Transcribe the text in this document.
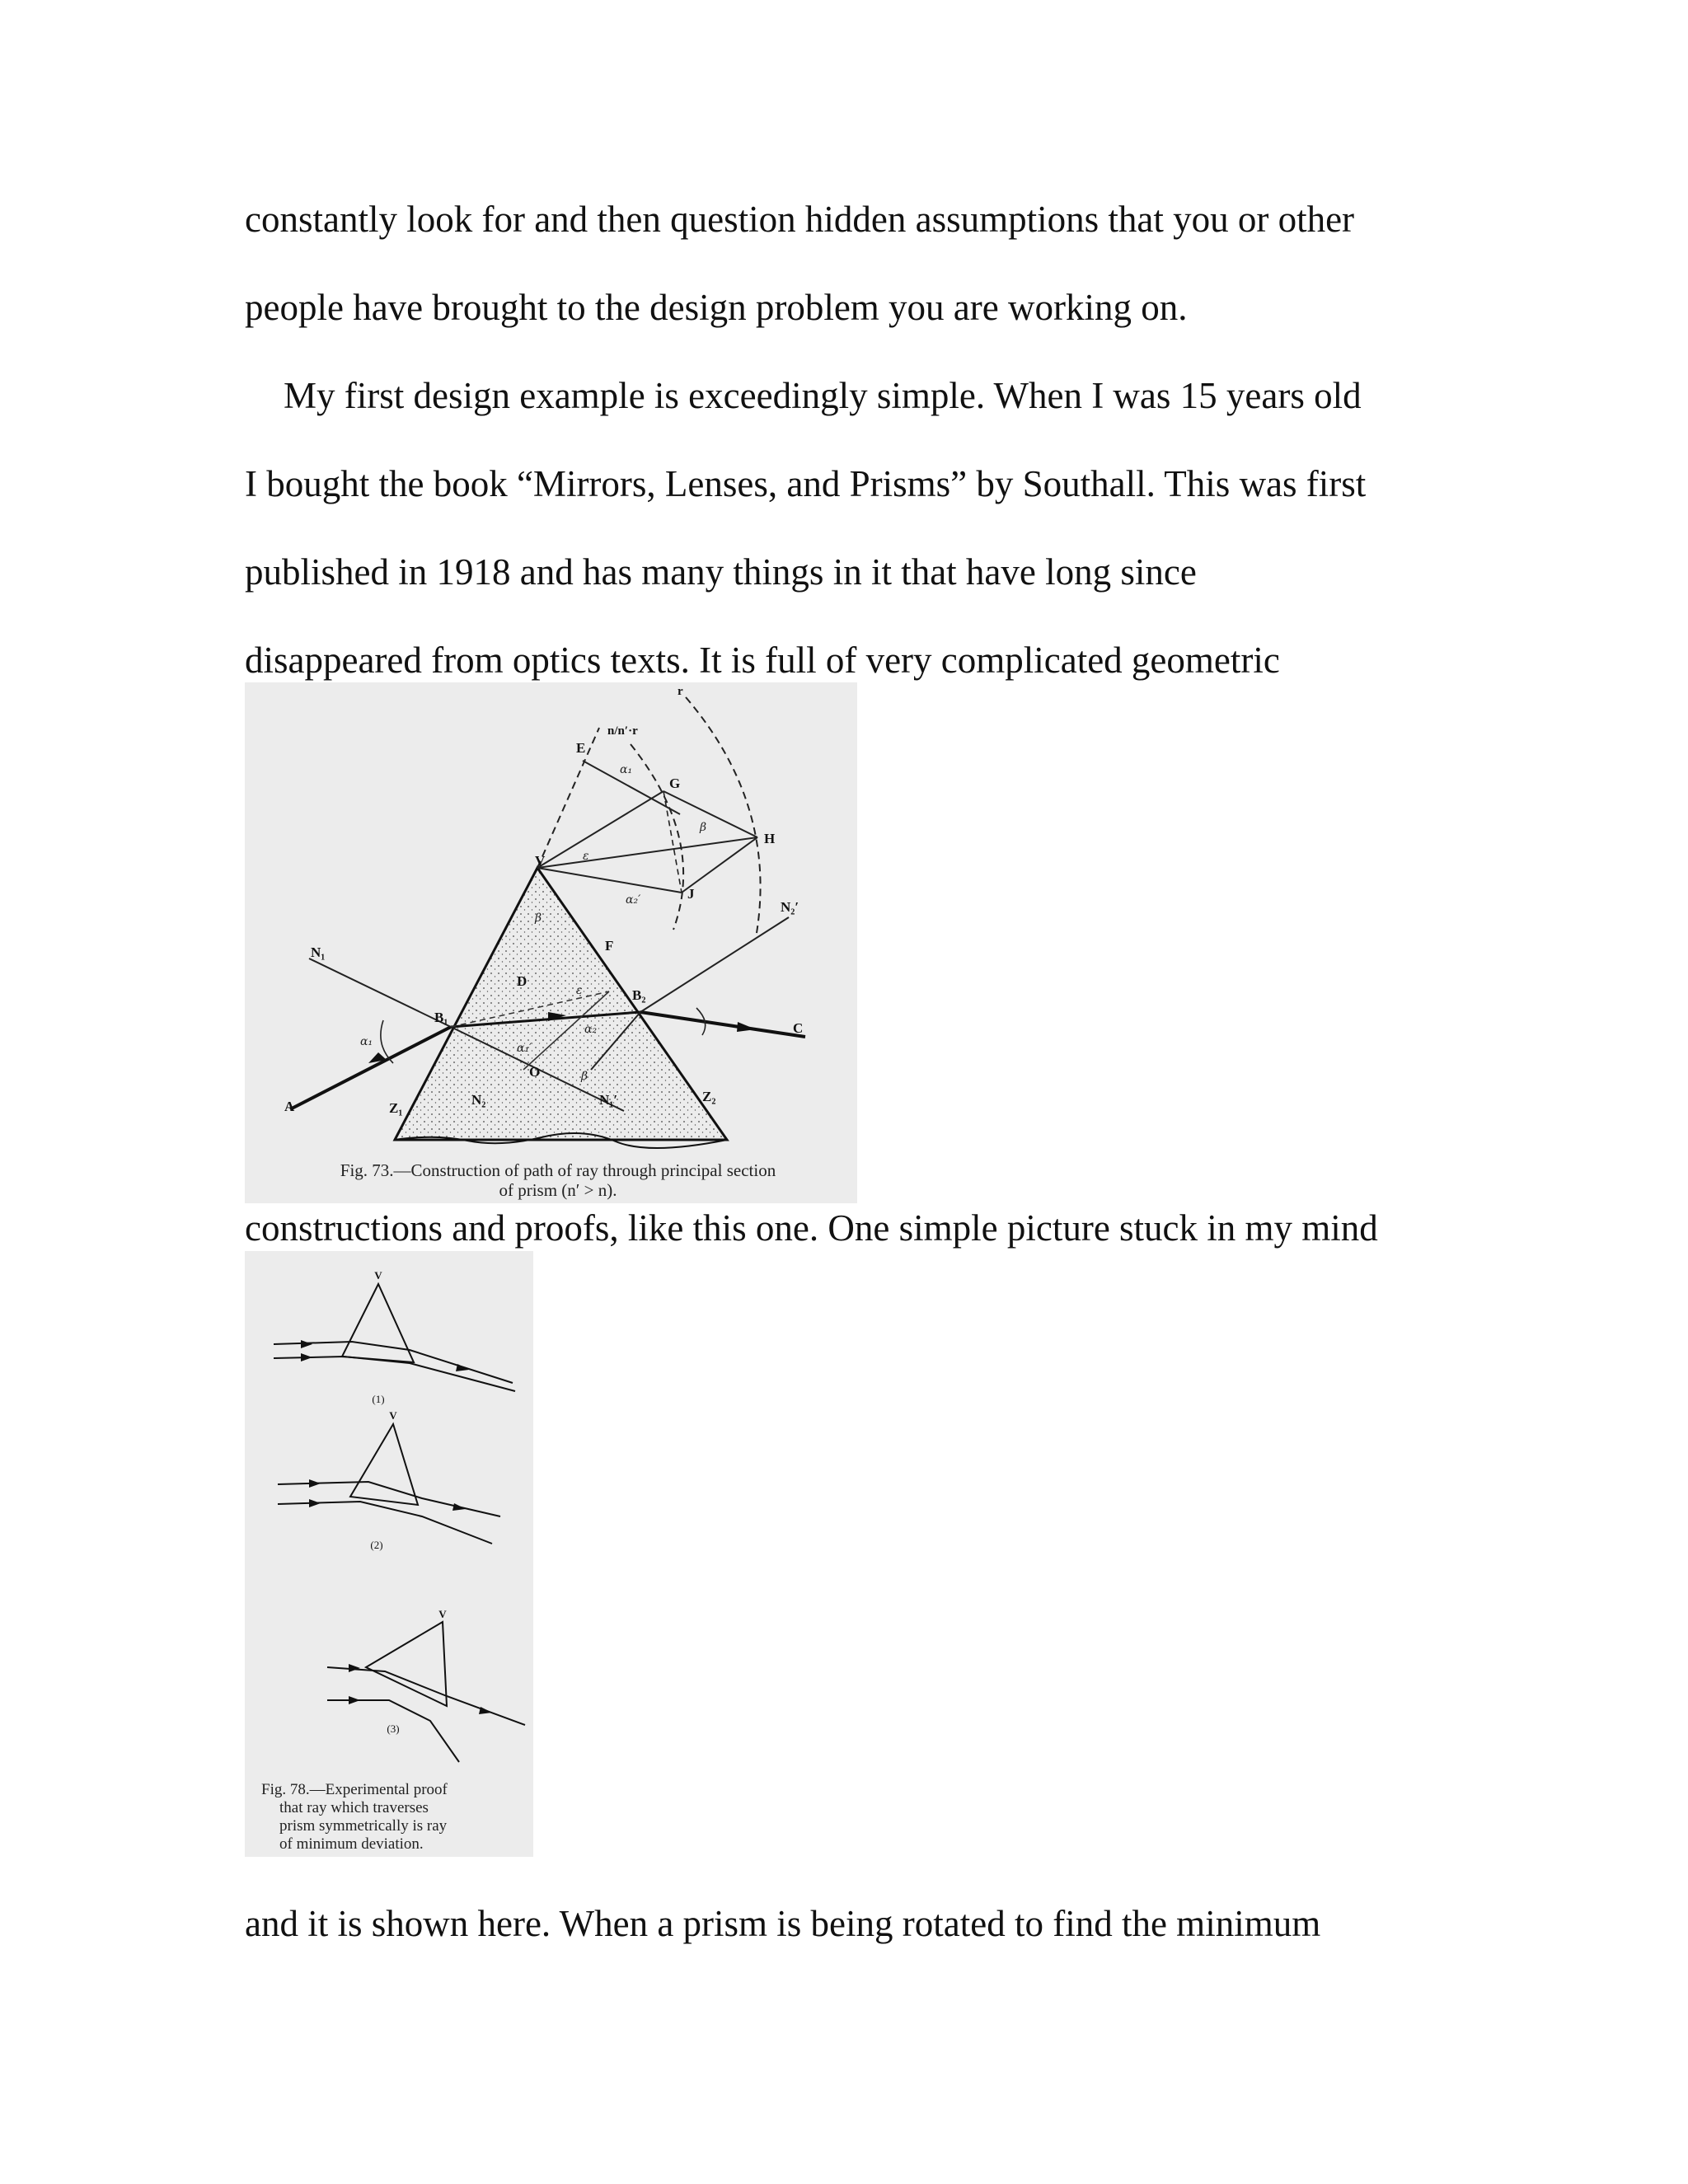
constantly look for and then question hidden assumptions that you or other
people have brought to the design problem you are working on.
My first design example is exceedingly simple. When I was 15 years old
I bought the book “Mirrors, Lenses, and Prisms” by Southall. This was first
published in 1918 and has many things in it that have long since
disappeared from optics texts. It is full of very complicated geometric
V
E
n/n′·r
r
G
H
J
F
D
N₁
B₁
B₂
C
N₂′
A	Z₁
Z₂
N₂	N₁′
O
α₁
ε
α₂′
β
β
α₁	α₁′
α₂
ε
β
Fig. 73.—Construction of path of ray through principal section
of prism (n′ > n).
constructions and proofs, like this one. One simple picture stuck in my mind
V
V
V
(1)
(2)
(3)
Fig. 78.—Experimental proof
that ray which traverses
prism symmetrically is ray
of minimum deviation.
and it is shown here. When a prism is being rotated to find the minimum
